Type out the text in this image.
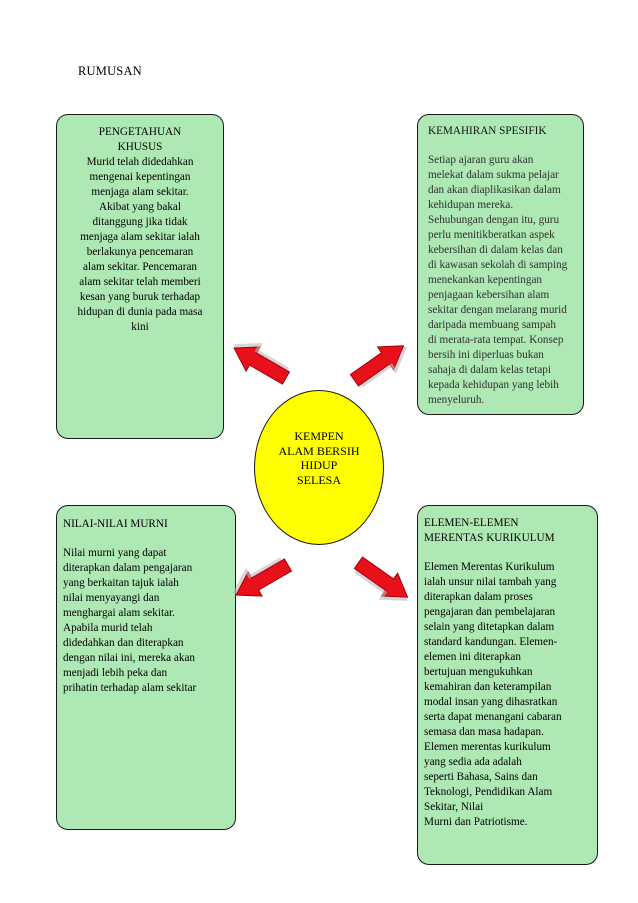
RUMUSAN
PENGETAHUAN
KHUSUS
Murid telah didedahkan
mengenai kepentingan
menjaga alam sekitar.
Akibat yang bakal
ditanggung jika tidak
menjaga alam sekitar ialah
berlakunya pencemaran
alam sekitar. Pencemaran
alam sekitar telah memberi
kesan yang buruk terhadap
hidupan di dunia pada masa
kini
KEMAHIRAN SPESIFIK
Setiap ajaran guru akan
melekat dalam sukma pelajar
dan akan diaplikasikan dalam
kehidupan mereka.
Sehubungan dengan itu, guru
perlu menitikberatkan aspek
kebersihan di dalam kelas dan
di kawasan sekolah di samping
menekankan kepentingan
penjagaan kebersihan alam
sekitar dengan melarang murid
daripada membuang sampah
di merata-rata tempat. Konsep
bersih ini diperluas bukan
sahaja di dalam kelas tetapi
kepada kehidupan yang lebih
menyeluruh.
NILAI-NILAI MURNI
Nilai murni yang dapat
diterapkan dalam pengajaran
yang berkaitan tajuk ialah
nilai menyayangi dan
menghargai alam sekitar.
Apabila murid telah
didedahkan dan diterapkan
dengan nilai ini, mereka akan
menjadi lebih peka dan
prihatin terhadap alam sekitar
ELEMEN-ELEMEN
MERENTAS KURIKULUM
Elemen Merentas Kurikulum
ialah unsur nilai tambah yang
diterapkan dalam proses
pengajaran dan pembelajaran
selain yang ditetapkan dalam
standard kandungan. Elemen-
elemen ini diterapkan
bertujuan mengukuhkan
kemahiran dan keterampilan
modal insan yang dihasratkan
serta dapat menangani cabaran
semasa dan masa hadapan.
Elemen merentas kurikulum
yang sedia ada adalah
seperti Bahasa, Sains dan
Teknologi, Pendidikan Alam
Sekitar, Nilai
Murni dan Patriotisme.
KEMPEN
ALAM BERSIH
HIDUP
SELESA
